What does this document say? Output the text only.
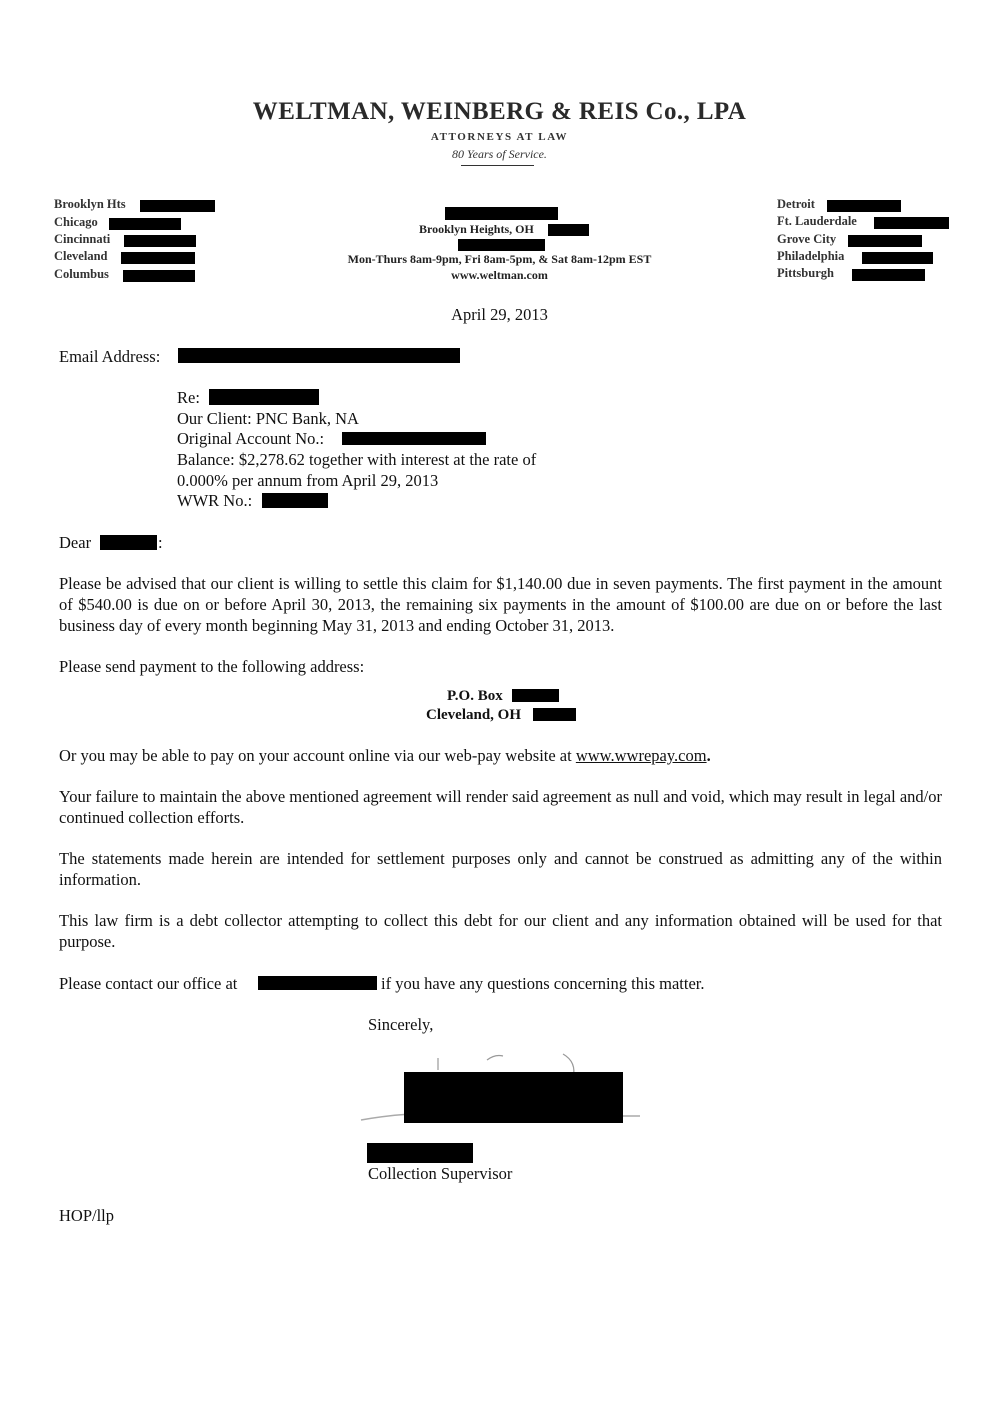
WELTMAN, WEINBERG & REIS Co., LPA
ATTORNEYS AT LAW
80 Years of Service.
Brooklyn Hts
Chicago
Cincinnati
Cleveland
Columbus
Detroit
Ft. Lauderdale
Grove City
Philadelphia
Pittsburgh
Brooklyn Heights, OH
Mon-Thurs 8am-9pm, Fri 8am-5pm, & Sat 8am-12pm EST
www.weltman.com
April 29, 2013
Email Address:
Re:
Our Client: PNC Bank, NA
Original Account No.:
Balance: $2,278.62 together with interest at the rate of
0.000% per annum from April 29, 2013
WWR No.:
Dear	:

Please be advised that our client is willing to settle this claim for $1,140.00 due in seven payments. The first payment in the amount of $540.00 is due on or before April 30, 2013, the remaining six payments in the amount of $100.00 are due on or before the last business day of every month beginning May 31, 2013 and ending October 31, 2013.

Please send payment to the following address:
P.O. Box
Cleveland, OH
Or you may be able to pay on your account online via our web-pay website at www.wwrepay.com.

Your failure to maintain the above mentioned agreement will render said agreement as null and void, which may result in legal and/or continued collection efforts.

The statements made herein are intended for settlement purposes only and cannot be construed as admitting any of the within information.

This law firm is a debt collector attempting to collect this debt for our client and any information obtained will be used for that purpose.

Please contact our office at	if you have any questions concerning this matter.
Sincerely,
Collection Supervisor
HOP/llp
